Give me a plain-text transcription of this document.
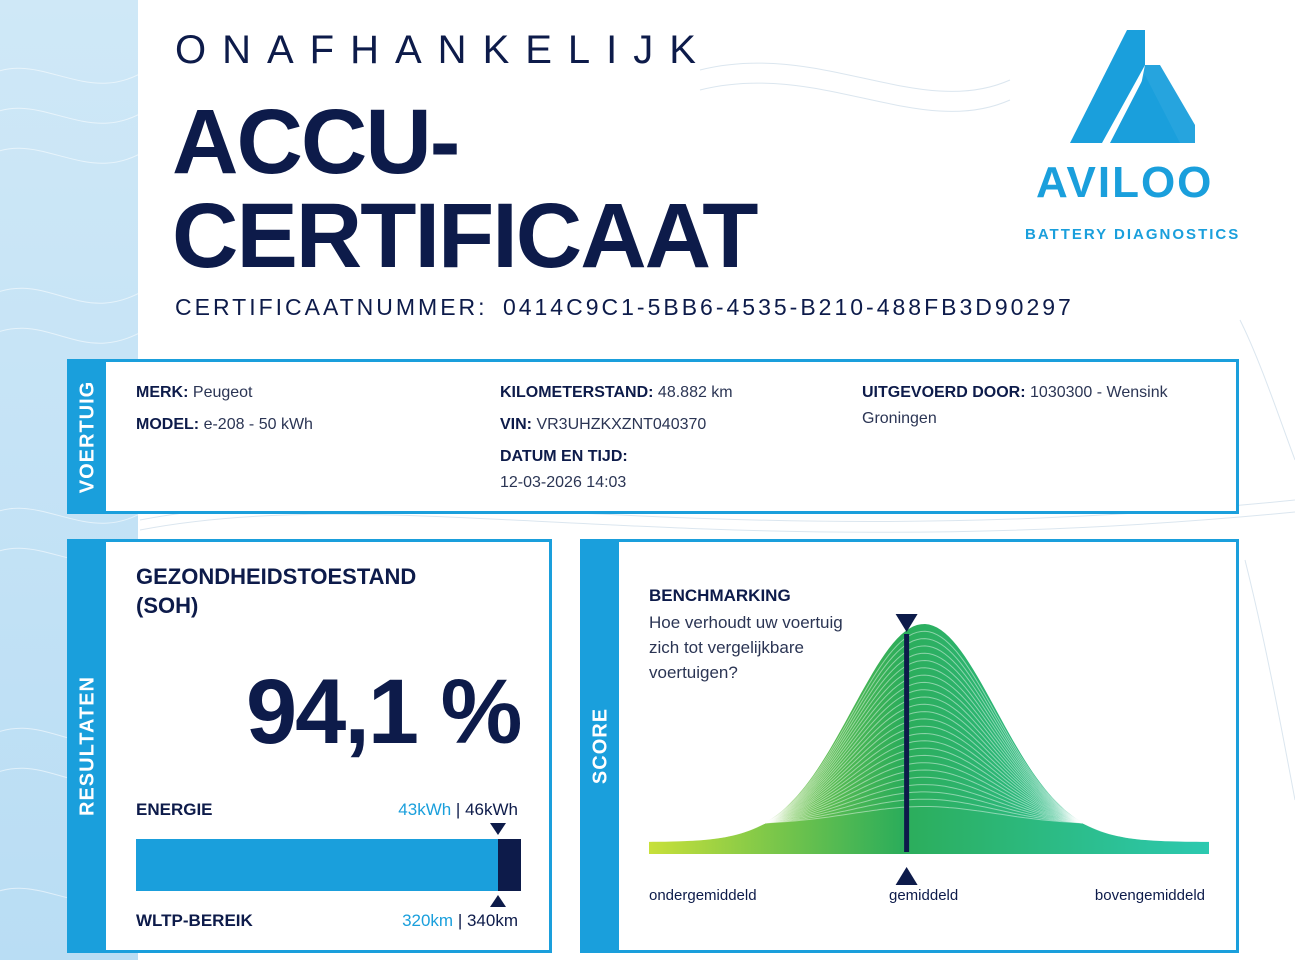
ONAFHANKELIJK
ACCU-
CERTIFICAAT
CERTIFICAATNUMMER: 0414C9C1-5BB6-4535-B210-488FB3D90297
AVILOO
BATTERY DIAGNOSTICS
VOERTUIG MERK: Peugeot
MODEL: e-208 - 50 kWh
KILOMETERSTAND: 48.882 km
VIN: VR3UHZKXZNT040370
DATUM EN TIJD:
12-03-2026 14:03
UITGEVOERD DOOR: 1030300 - Wensink Groningen
RESULTATEN
GEZONDHEIDSTOESTAND (SOH)
94,1 %
ENERGIE	43kWh | 46kWh
WLTP-BEREIK	320km | 340km
SCORE
BENCHMARKING
Hoe verhoudt uw voertuig zich tot vergelijkbare voertuigen?
ondergemiddeld	gemiddeld	bovengemiddeld
